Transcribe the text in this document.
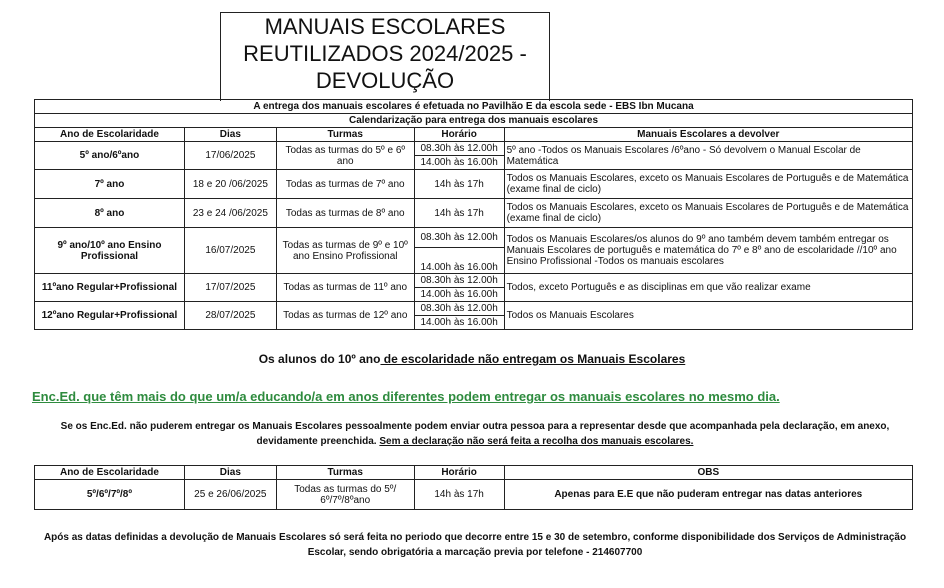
MANUAIS ESCOLARES
REUTILIZADOS 2024/2025 -
DEVOLUÇÃO
A entrega dos manuais escolares é efetuada no Pavilhão E da escola sede - EBS Ibn Mucana				
Calendarização para entrega dos manuais escolares				
Ano de Escolaridade	Dias	Turmas	Horário	Manuais Escolares a devolver
5º ano/6ºano	17/06/2025	Todas as turmas do 5º e 6º ano	08.30h às 12.00h	5º ano -Todos os Manuais Escolares /6ºano - Só devolvem o Manual Escolar de Matemática
			14.00h às 16.00h	
7º ano	18 e 20 /06/2025	Todas as turmas de 7º ano	14h às 17h	Todos os Manuais Escolares, exceto os Manuais Escolares de Português e de Matemática (exame final de ciclo)
8º ano	23 e 24 /06/2025	Todas as turmas de 8º ano	14h às 17h	Todos os Manuais Escolares, exceto os Manuais Escolares de Português e de Matemática (exame final de ciclo)
9º ano/10º ano Ensino Profissional	16/07/2025	Todas as turmas de 9º e 10º ano Ensino Profissional	08.30h às 12.00h	Todos os Manuais Escolares/os alunos do 9º ano também devem também entregar os Manuais Escolares de português e matemática do 7º e 8º ano de escolaridade //10º ano Ensino Profissional -Todos os manuais escolares
			14.00h às 16.00h	
11ºano Regular+Profissional	17/07/2025	Todas as turmas de 11º ano	08.30h às 12.00h	Todos, exceto Português e as disciplinas em que vão realizar exame
			14.00h às 16.00h	
12ºano Regular+Profissional	28/07/2025	Todas as turmas de 12º ano	08.30h às 12.00h	Todos os Manuais Escolares
			14.00h às 16.00h	
Os alunos do 10º ano de escolaridade não entregam os Manuais Escolares
Enc.Ed. que têm mais do que um/a educando/a em anos diferentes podem entregar os manuais escolares no mesmo dia.
Se os Enc.Ed. não puderem entregar os Manuais Escolares pessoalmente podem enviar outra pessoa para a representar desde que acompanhada pela declaração, em anexo, devidamente preenchida. Sem a declaração não será feita a recolha dos manuais escolares.
Ano de Escolaridade	Dias	Turmas	Horário	OBS
5º/6º/7º/8º	25 e 26/06/2025	Todas as turmas do 5º/ 6º/7º/8ºano	14h às 17h	Apenas para E.E que não puderam entregar nas datas anteriores
Após as datas definidas a devolução de Manuais Escolares só será feita no periodo que decorre entre 15 e 30 de setembro, conforme disponibilidade dos Serviços de Administração Escolar, sendo obrigatória a marcação previa por telefone - 214607700
